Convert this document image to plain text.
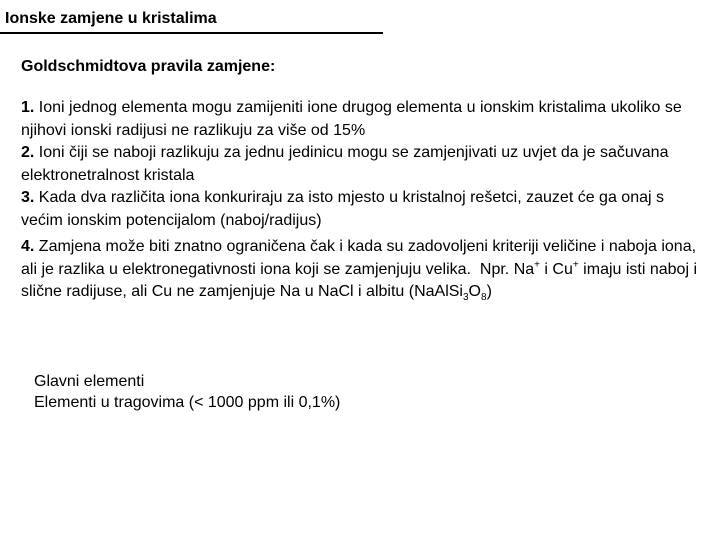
Ionske zamjene u kristalima
Goldschmidtova pravila zamjene:
1. Ioni jednog elementa mogu zamijeniti ione drugog elementa u ionskim kristalima ukoliko se njihovi ionski radijusi ne razlikuju za više od 15%
2. Ioni čiji se naboji razlikuju za jednu jedinicu mogu se zamjenjivati uz uvjet da je sačuvana elektronetralnost kristala
3. Kada dva različita iona konkuriraju za isto mjesto u kristalnoj rešetci, zauzet će ga onaj s većim ionskim potencijalom (naboj/radijus)
4. Zamjena može biti znatno ograničena čak i kada su zadovoljeni kriteriji veličine i naboja iona, ali je razlika u elektronegativnosti iona koji se zamjenjuju velika.  Npr. Na+ i Cu+ imaju isti naboj i slične radijuse, ali Cu ne zamjenjuje Na u NaCl i albitu $(NaAlSi_3O_8)$
Glavni elementi
Elementi u tragovima (< 1000 ppm ili 0,1%)
